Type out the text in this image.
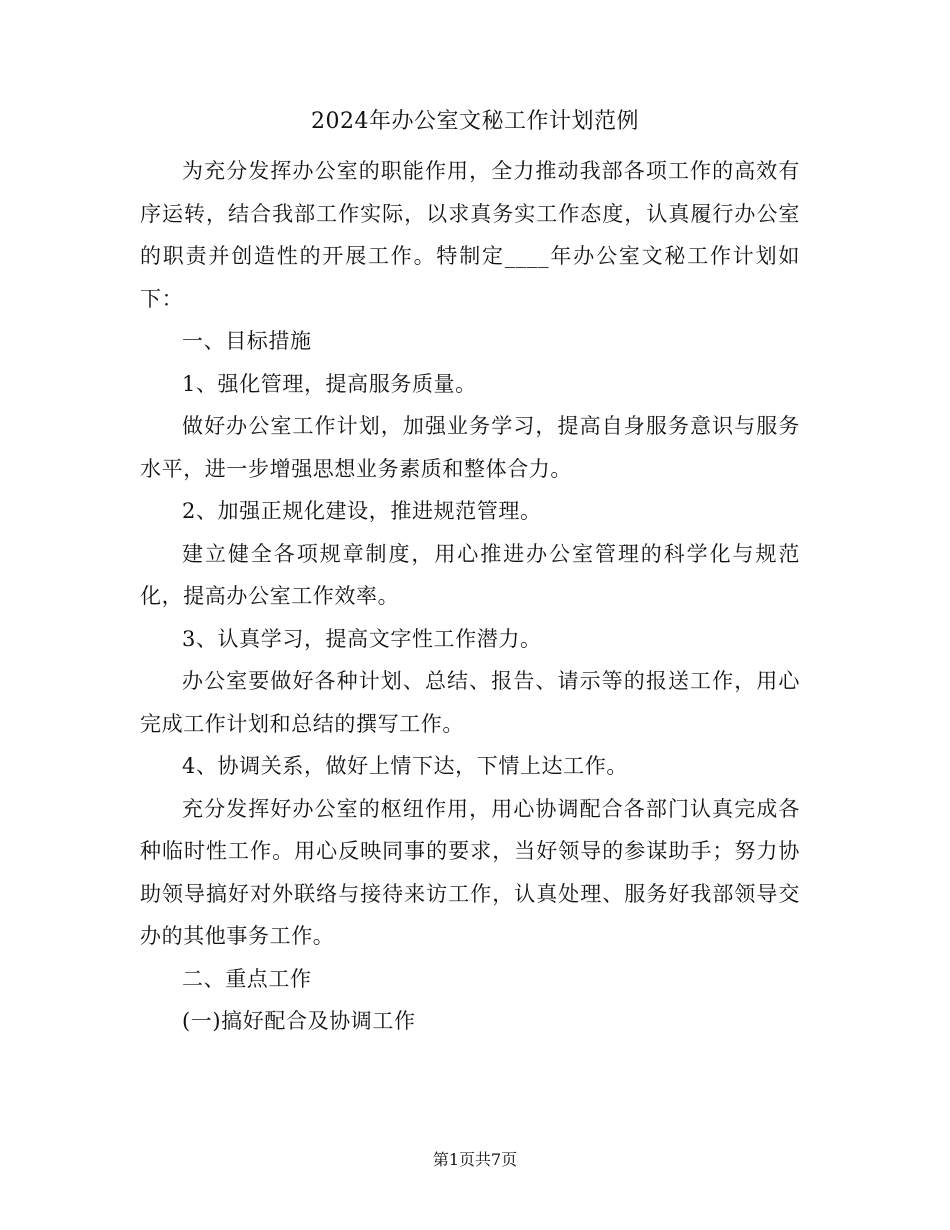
2024年办公室文秘工作计划范例

为充分发挥办公室的职能作用，全力推动我部各项工作的高效有序运转，结合我部工作实际，以求真务实工作态度，认真履行办公室的职责并创造性的开展工作。特制定____年办公室文秘工作计划如下：

一、目标措施

1、强化管理，提高服务质量。

做好办公室工作计划，加强业务学习，提高自身服务意识与服务水平，进一步增强思想业务素质和整体合力。

2、加强正规化建设，推进规范管理。

建立健全各项规章制度，用心推进办公室管理的科学化与规范化，提高办公室工作效率。

3、认真学习，提高文字性工作潜力。

办公室要做好各种计划、总结、报告、请示等的报送工作，用心完成工作计划和总结的撰写工作。

4、协调关系，做好上情下达，下情上达工作。

充分发挥好办公室的枢纽作用，用心协调配合各部门认真完成各种临时性工作。用心反映同事的要求，当好领导的参谋助手；努力协助领导搞好对外联络与接待来访工作，认真处理、服务好我部领导交办的其他事务工作。

二、重点工作

(一)搞好配合及协调工作

第1页共7页
